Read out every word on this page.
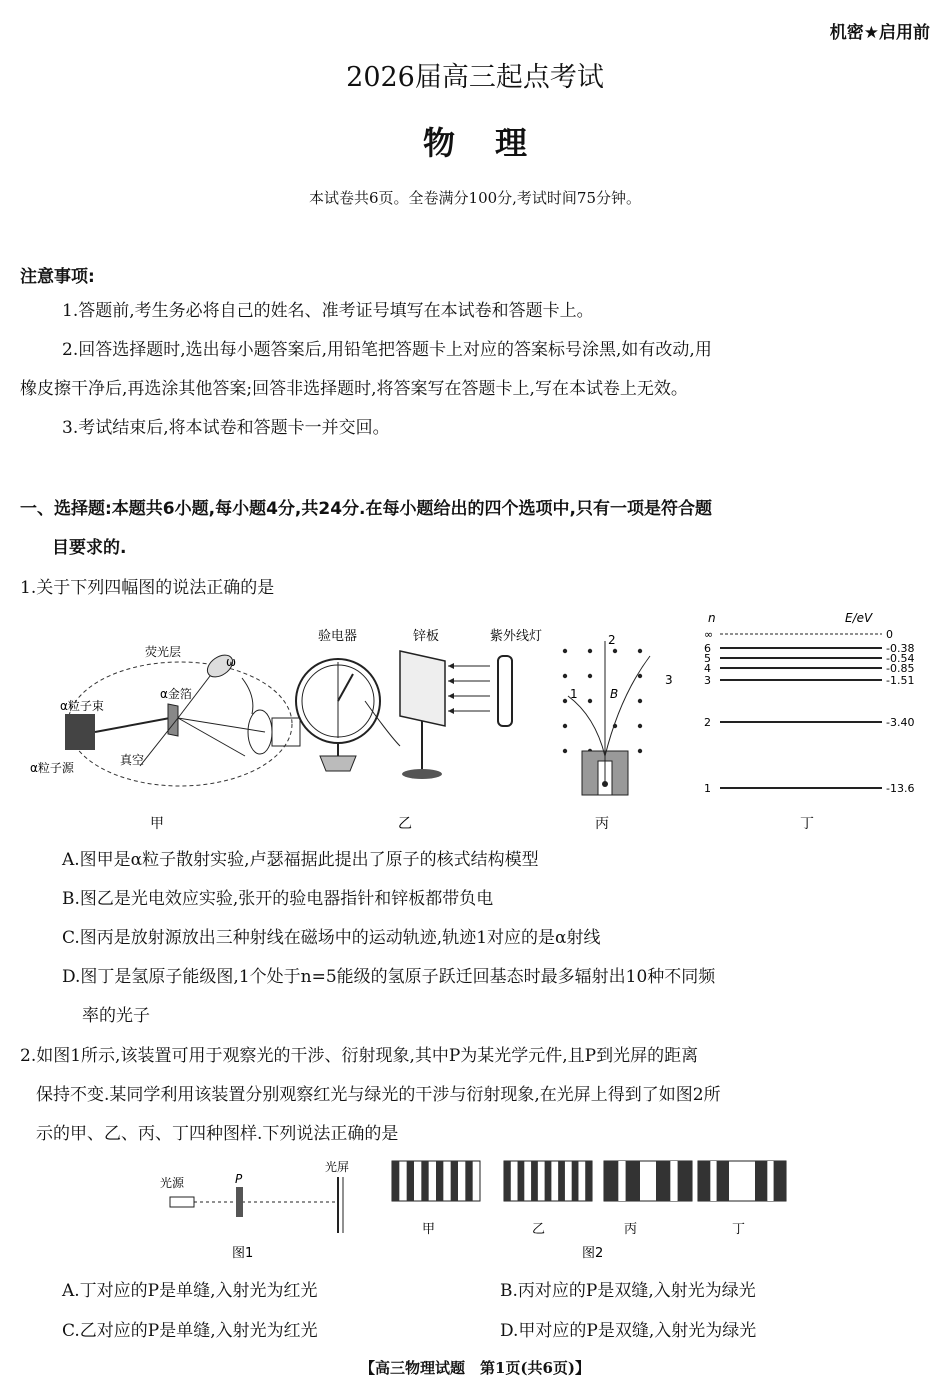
机密★启用前
2026届高三起点考试
物理
本试卷共6页。全卷满分100分,考试时间75分钟。
注意事项:
1.答题前,考生务必将自己的姓名、准考证号填写在本试卷和答题卡上。
2.回答选择题时,选出每小题答案后,用铅笔把答题卡上对应的答案标号涂黑,如有改动,用
橡皮擦干净后,再选涂其他答案;回答非选择题时,将答案写在答题卡上,写在本试卷上无效。
3.考试结束后,将本试卷和答题卡一并交回。
一、选择题:本题共6小题,每小题4分,共24分.在每小题给出的四个选项中,只有一项是符合题
目要求的.
1.关于下列四幅图的说法正确的是
荧光层
α金箔
α粒子束
α粒子源
真空
ω
甲
验电器	锌板	紫外线灯
乙
1
2
3
B
丙
n	E/eV
丁
∞	0
6	-0.38
5	-0.54
4	-0.85
3	-1.51
2	-3.40
1	-13.6
A.图甲是α粒子散射实验,卢瑟福据此提出了原子的核式结构模型
B.图乙是光电效应实验,张开的验电器指针和锌板都带负电
C.图丙是放射源放出三种射线在磁场中的运动轨迹,轨迹1对应的是α射线
D.图丁是氢原子能级图,1个处于n=5能级的氢原子跃迁回基态时最多辐射出10种不同频
率的光子
2.如图1所示,该装置可用于观察光的干涉、衍射现象,其中P为某光学元件,且P到光屏的距离
保持不变.某同学利用该装置分别观察红光与绿光的干涉与衍射现象,在光屏上得到了如图2所
示的甲、乙、丙、丁四种图样.下列说法正确的是
光源	P
光屏
图1	图2
甲	乙	丙	丁
A.丁对应的P是单缝,入射光为红光	B.丙对应的P是双缝,入射光为绿光
C.乙对应的P是单缝,入射光为红光	D.甲对应的P是双缝,入射光为绿光
【高三物理试题　第1页(共6页)】
